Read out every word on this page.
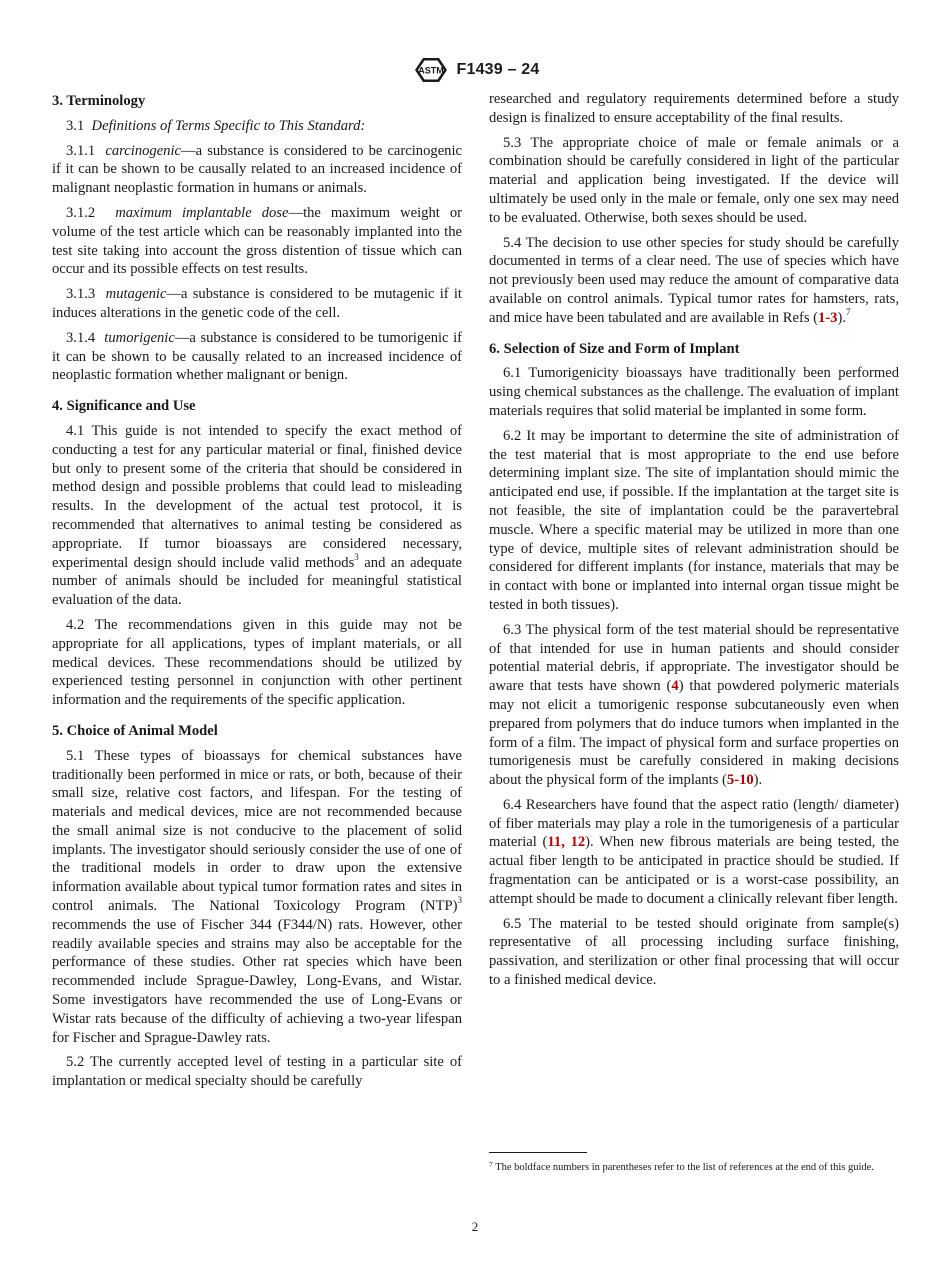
ASTM F1439 – 24
3. Terminology

3.1 Definitions of Terms Specific to This Standard:

3.1.1 carcinogenic—a substance is considered to be carcinogenic if it can be shown to be causally related to an increased incidence of malignant neoplastic formation in humans or animals.

3.1.2 maximum implantable dose—the maximum weight or volume of the test article which can be reasonably implanted into the test site taking into account the gross distention of tissue which can occur and its possible effects on test results.

3.1.3 mutagenic—a substance is considered to be mutagenic if it induces alterations in the genetic code of the cell.

3.1.4 tumorigenic—a substance is considered to be tumorigenic if it can be shown to be causally related to an increased incidence of neoplastic formation whether malignant or benign.

4. Significance and Use

4.1 This guide is not intended to specify the exact method of conducting a test for any particular material or final, finished device but only to present some of the criteria that should be considered in method design and possible problems that could lead to misleading results. In the development of the actual test protocol, it is recommended that alternatives to animal testing be considered as appropriate. If tumor bioassays are considered necessary, experimental design should include valid methods$^3$ and an adequate number of animals should be included for meaningful statistical evaluation of the data.

4.2 The recommendations given in this guide may not be appropriate for all applications, types of implant materials, or all medical devices. These recommendations should be utilized by experienced testing personnel in conjunction with other pertinent information and the requirements of the specific application.

5. Choice of Animal Model

5.1 These types of bioassays for chemical substances have traditionally been performed in mice or rats, or both, because of their small size, relative cost factors, and lifespan. For the testing of materials and medical devices, mice are not recommended because the small animal size is not conducive to the placement of solid implants. The investigator should seriously consider the use of one of the traditional models in order to draw upon the extensive information available about typical tumor formation rates and sites in control animals. The National Toxicology Program (NTP)$^3$ recommends the use of Fischer 344 (F344/N) rats. However, other readily available species and strains may also be acceptable for the performance of these studies. Other rat species which have been recommended include Sprague-Dawley, Long-Evans, and Wistar. Some investigators have recommended the use of Long-Evans or Wistar rats because of the difficulty of achieving a two-year lifespan for Fischer and Sprague-Dawley rats.

5.2 The currently accepted level of testing in a particular site of implantation or medical specialty should be carefully

researched and regulatory requirements determined before a study design is finalized to ensure acceptability of the final results.

5.3 The appropriate choice of male or female animals or a combination should be carefully considered in light of the particular material and application being investigated. If the device will ultimately be used only in the male or female, only one sex may need to be evaluated. Otherwise, both sexes should be used.

5.4 The decision to use other species for study should be carefully documented in terms of a clear need. The use of species which have not previously been used may reduce the amount of comparative data available on control animals. Typical tumor rates for hamsters, rats, and mice have been tabulated and are available in Refs (1-3).$^7$

6. Selection of Size and Form of Implant

6.1 Tumorigenicity bioassays have traditionally been performed using chemical substances as the challenge. The evaluation of implant materials requires that solid material be implanted in some form.

6.2 It may be important to determine the site of administration of the test material that is most appropriate to the end use before determining implant size. The site of implantation should mimic the anticipated end use, if possible. If the implantation at the target site is not feasible, the site of implantation could be the paravertebral muscle. Where a specific material may be utilized in more than one type of device, multiple sites of relevant administration should be considered for different implants (for instance, materials that may be in contact with bone or implanted into internal organ tissue might be tested in both tissues).

6.3 The physical form of the test material should be representative of that intended for use in human patients and should consider potential material debris, if appropriate. The investigator should be aware that tests have shown (4) that powdered polymeric materials may not elicit a tumorigenic response subcutaneously even when prepared from polymers that do induce tumors when implanted in the form of a film. The impact of physical form and surface properties on tumorigenesis must be carefully considered in making decisions about the physical form of the implants (5-10).

6.4 Researchers have found that the aspect ratio (length/ diameter) of fiber materials may play a role in the tumorigenesis of a particular material (11, 12). When new fibrous materials are being tested, the actual fiber length to be anticipated in practice should be studied. If fragmentation can be anticipated or is a worst-case possibility, an attempt should be made to document a clinically relevant fiber length.

6.5 The material to be tested should originate from sample(s) representative of all processing including surface finishing, passivation, and sterilization or other final processing that will occur to a finished medical device.

$^7$ The boldface numbers in parentheses refer to the list of references at the end of this guide.
2
